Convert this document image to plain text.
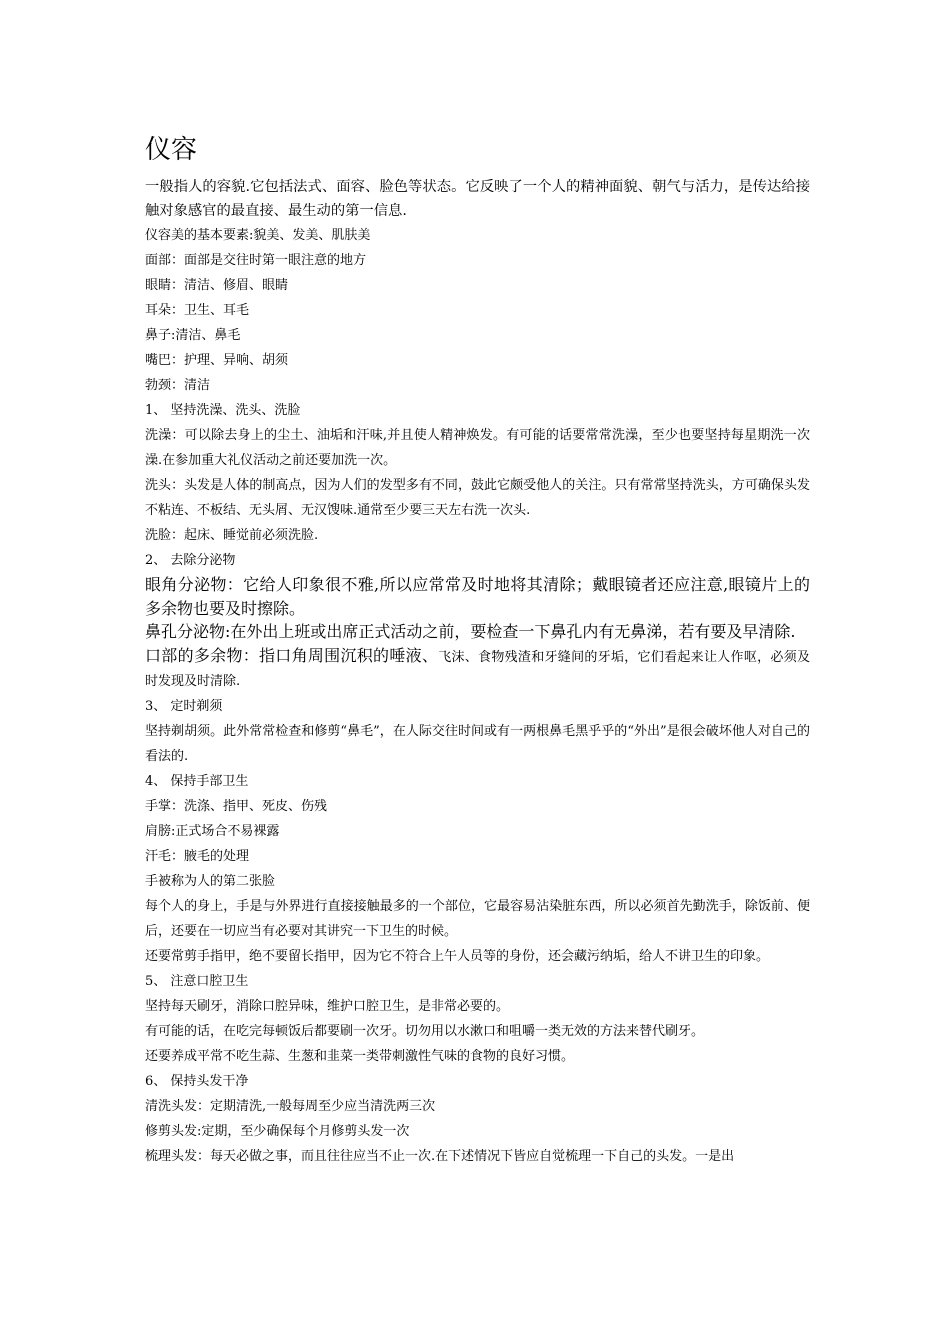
仪容

一般指人的容貌.它包括法式、面容、脸色等状态。它反映了一个人的精神面貌、朝气与活力，是传达给接触对象感官的最直接、最生动的第一信息.

仪容美的基本要素:貌美、发美、肌肤美

面部：面部是交往时第一眼注意的地方

眼睛：清洁、修眉、眼睛

耳朵：卫生、耳毛

鼻子:清洁、鼻毛

嘴巴：护理、异响、胡须

勃颈：清洁

1、 坚持洗澡、洗头、洗脸

洗澡：可以除去身上的尘土、油垢和汗味,并且使人精神焕发。有可能的话要常常洗澡，至少也要坚持每星期洗一次澡.在参加重大礼仪活动之前还要加洗一次。

洗头：头发是人体的制高点，因为人们的发型多有不同，鼓此它颇受他人的关注。只有常常坚持洗头，方可确保头发不粘连、不板结、无头屑、无汉馊味.通常至少要三天左右洗一次头.

洗脸：起床、睡觉前必须洗脸.

2、 去除分泌物

眼角分泌物：它给人印象很不雅,所以应常常及时地将其清除；戴眼镜者还应注意,眼镜片上的多余物也要及时擦除。

鼻孔分泌物:在外出上班或出席正式活动之前，要检查一下鼻孔内有无鼻涕，若有要及早清除.

口部的多余物：指口角周围沉积的唾液、飞沫、食物残渣和牙缝间的牙垢，它们看起来让人作呕，必须及时发现及时清除.

3、 定时剃须

坚持剃胡须。此外常常检查和修剪“鼻毛”，在人际交往时间或有一两根鼻毛黑乎乎的“外出”是很会破坏他人对自己的看法的.

4、 保持手部卫生

手掌：洗涤、指甲、死皮、伤残

肩膀:正式场合不易裸露

汗毛：腋毛的处理

手被称为人的第二张脸

每个人的身上，手是与外界进行直接接触最多的一个部位，它最容易沾染脏东西，所以必须首先勤洗手，除饭前、便后，还要在一切应当有必要对其讲究一下卫生的时候。

还要常剪手指甲，绝不要留长指甲，因为它不符合上午人员等的身份，还会藏污纳垢，给人不讲卫生的印象。

5、 注意口腔卫生

坚持每天刷牙，消除口腔异味，维护口腔卫生，是非常必要的。

有可能的话，在吃完每顿饭后都要刷一次牙。切勿用以水漱口和咀嚼一类无效的方法来替代刷牙。

还要养成平常不吃生蒜、生葱和韭菜一类带刺激性气味的食物的良好习惯。

6、 保持头发干净

清洗头发：定期清洗,一般每周至少应当清洗两三次

修剪头发:定期，至少确保每个月修剪头发一次

梳理头发：每天必做之事，而且往往应当不止一次.在下述情况下皆应自觉梳理一下自己的头发。一是出
